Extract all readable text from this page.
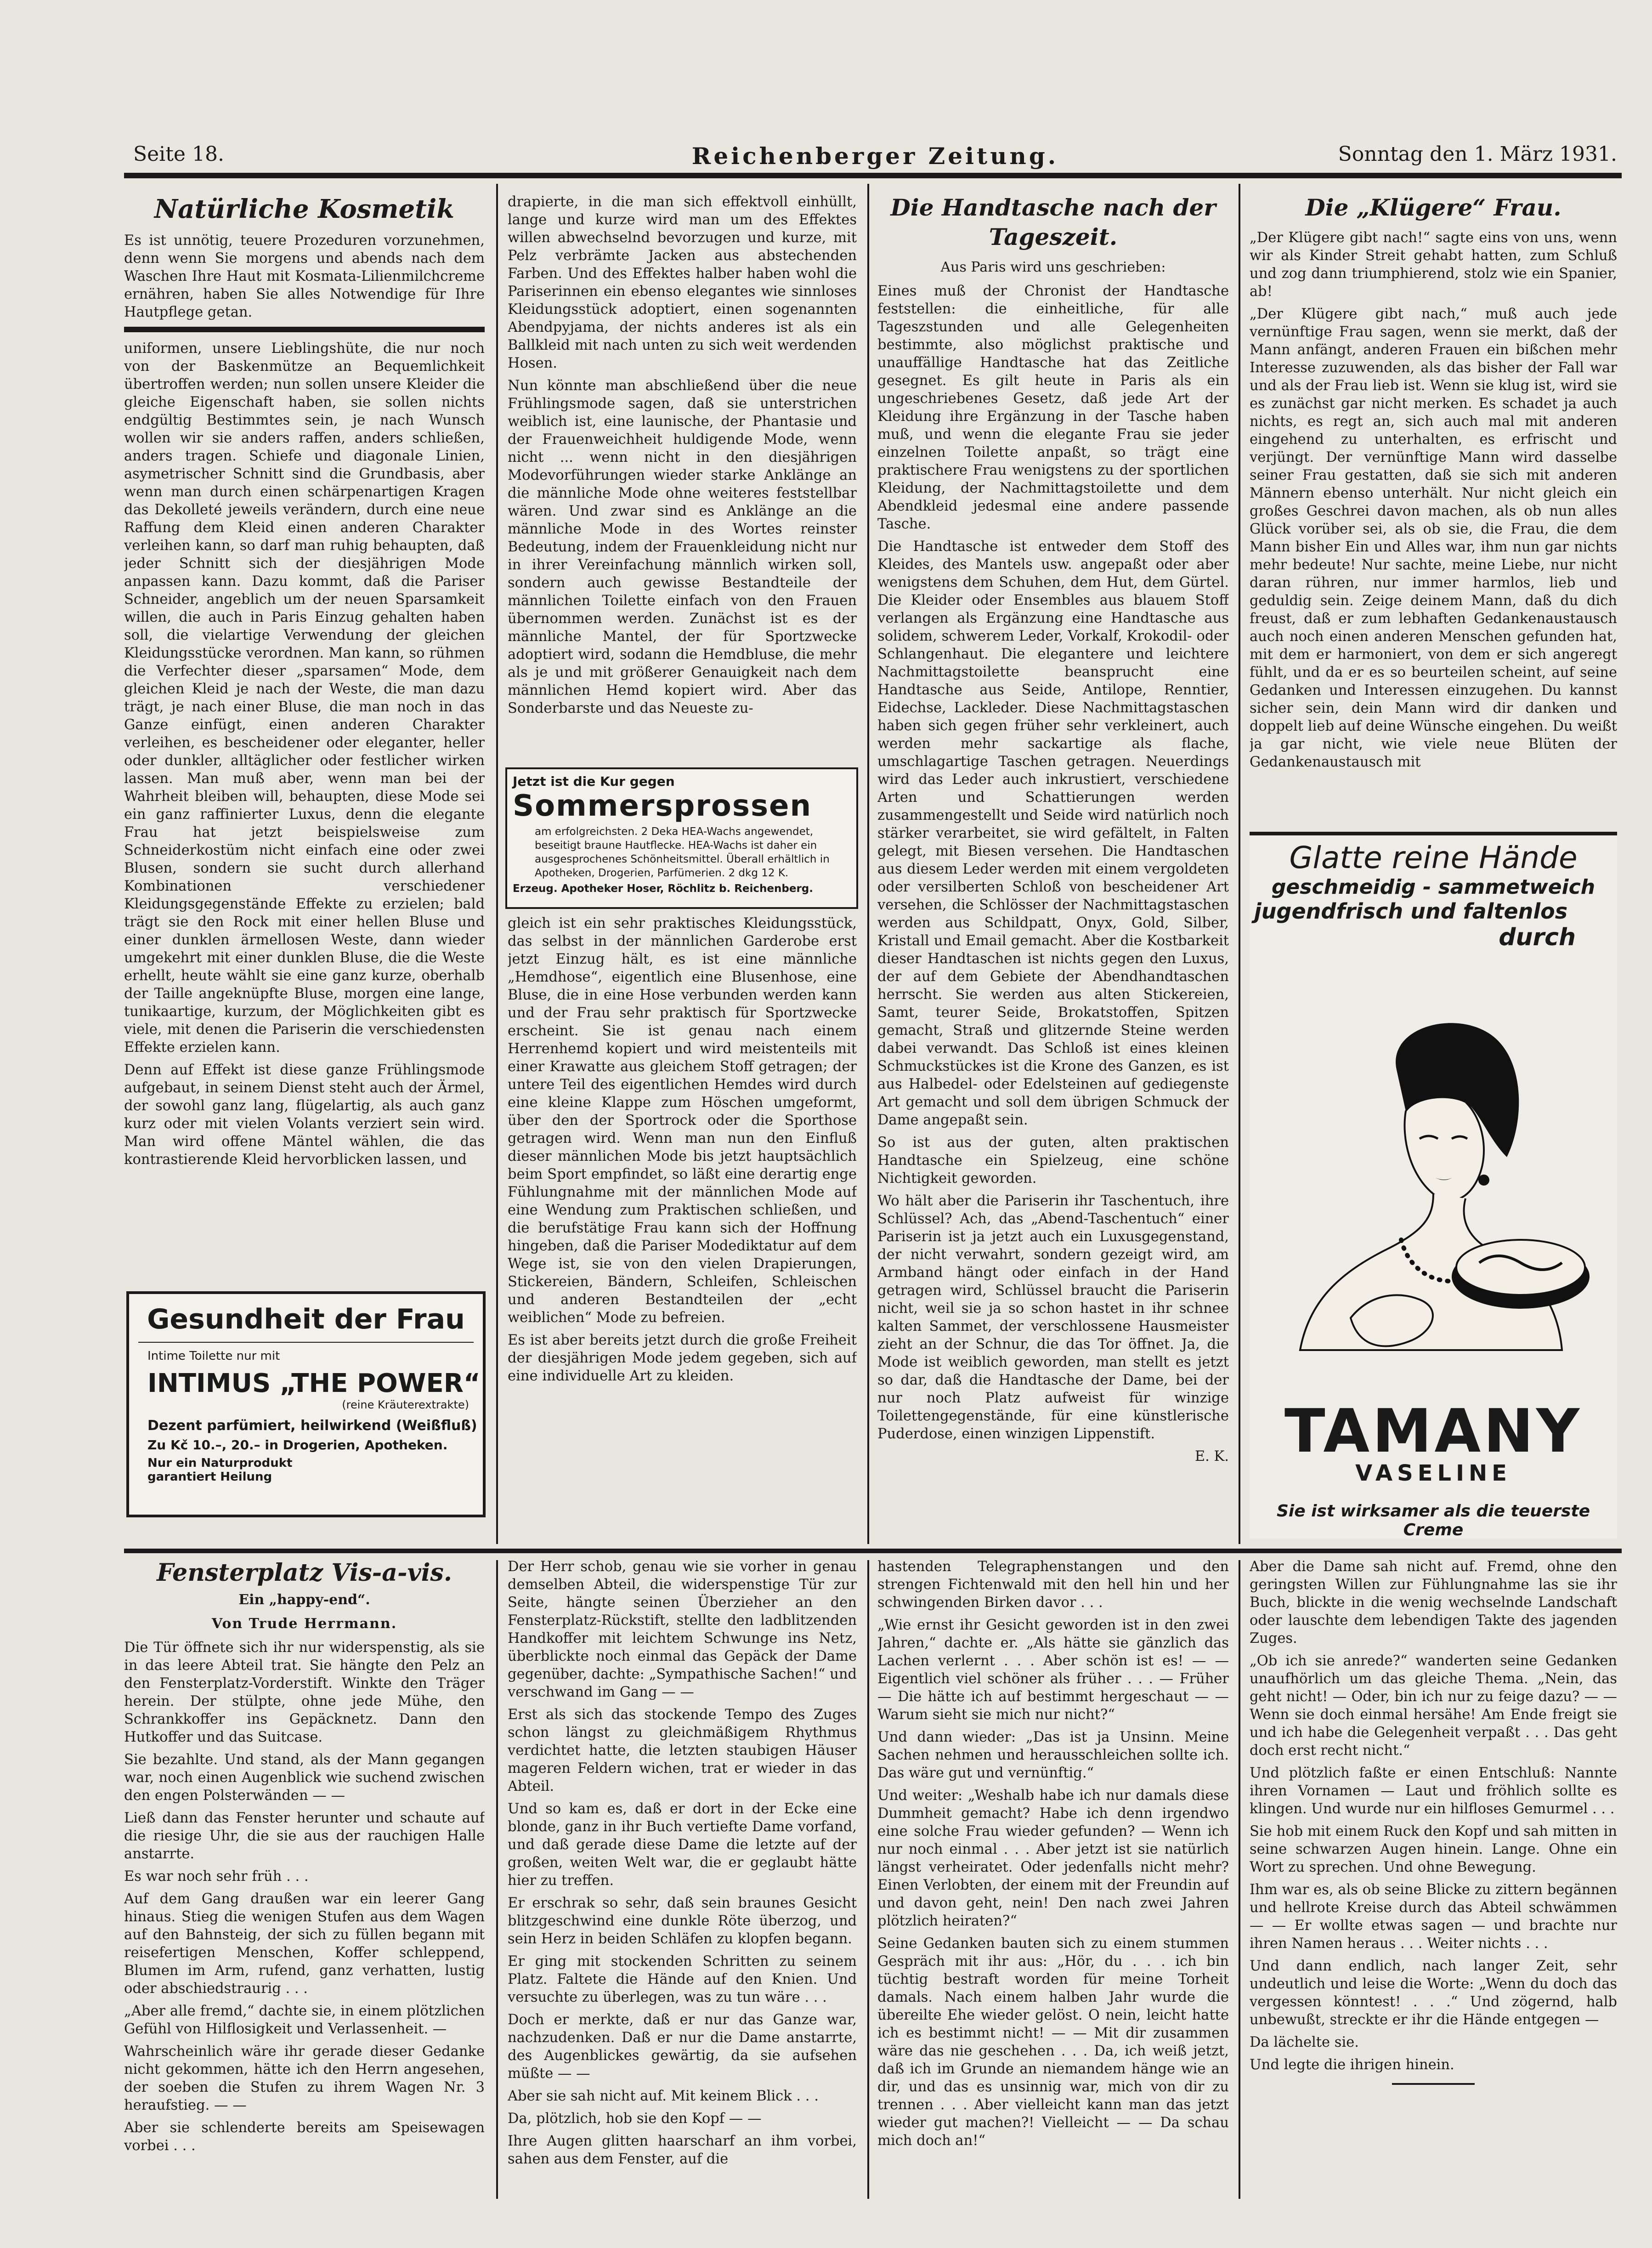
Seite 18.	Reichenberger Zeitung.	Sonntag den 1. März 1931.
Natürliche Kosmetik

Es ist unnötig, teuere Prozeduren vorzunehmen, denn wenn Sie morgens und abends nach dem Waschen Ihre Haut mit Kosmata-Lilienmilchcreme ernähren, haben Sie alles Notwendige für Ihre Hautpflege getan.

uniformen, unsere Lieblingshüte, die nur noch von der Baskenmütze an Bequemlichkeit übertroffen werden; nun sollen unsere Kleider die gleiche Eigenschaft haben, sie sollen nichts endgültig Bestimmtes sein, je nach Wunsch wollen wir sie anders raffen, anders schließen, anders tragen. Schiefe und diagonale Linien, asymetrischer Schnitt sind die Grundbasis, aber wenn man durch einen schärpenartigen Kragen das Dekolleté jeweils verändern, durch eine neue Raffung dem Kleid einen anderen Charakter verleihen kann, so darf man ruhig behaupten, daß jeder Schnitt sich der diesjährigen Mode anpassen kann. Dazu kommt, daß die Pariser Schneider, angeblich um der neuen Sparsamkeit willen, die auch in Paris Einzug gehalten haben soll, die vielartige Verwendung der gleichen Kleidungsstücke verordnen. Man kann, so rühmen die Verfechter dieser „sparsamen“ Mode, dem gleichen Kleid je nach der Weste, die man dazu trägt, je nach einer Bluse, die man noch in das Ganze einfügt, einen anderen Charakter verleihen, es bescheidener oder eleganter, heller oder dunkler, alltäglicher oder festlicher wirken lassen. Man muß aber, wenn man bei der Wahrheit bleiben will, behaupten, diese Mode sei ein ganz raffinierter Luxus, denn die elegante Frau hat jetzt beispielsweise zum Schneiderkostüm nicht einfach eine oder zwei Blusen, sondern sie sucht durch allerhand Kombinationen verschiedener Kleidungsgegenstände Effekte zu erzielen; bald trägt sie den Rock mit einer hellen Bluse und einer dunklen ärmellosen Weste, dann wieder umgekehrt mit einer dunklen Bluse, die die Weste erhellt, heute wählt sie eine ganz kurze, oberhalb der Taille angeknüpfte Bluse, morgen eine lange, tunikaartige, kurzum, der Möglichkeiten gibt es viele, mit denen die Pariserin die verschiedensten Effekte erzielen kann.

Denn auf Effekt ist diese ganze Frühlingsmode aufgebaut, in seinem Dienst steht auch der Ärmel, der sowohl ganz lang, flügelartig, als auch ganz kurz oder mit vielen Volants verziert sein wird. Man wird offene Mäntel wählen, die das kontrastierende Kleid hervorblicken lassen, und

Gesundheit der Frau

Intime Toilette nur mit

INTIMUS „THE POWER“

(reine Kräuterextrakte)

Dezent parfümiert, heilwirkend (Weißfluß)

Zu Kč 10.–, 20.– in Drogerien, Apotheken.

Nur ein Naturprodukt garantiert Heilung

drapierte, in die man sich effektvoll einhüllt, lange und kurze wird man um des Effektes willen abwechselnd bevorzugen und kurze, mit Pelz verbrämte Jacken aus abstechenden Farben. Und des Effektes halber haben wohl die Pariserinnen ein ebenso elegantes wie sinnloses Kleidungsstück adoptiert, einen sogenannten Abendpyjama, der nichts anderes ist als ein Ballkleid mit nach unten zu sich weit werdenden Hosen.

Nun könnte man abschließend über die neue Frühlingsmode sagen, daß sie unterstrichen weiblich ist, eine launische, der Phantasie und der Frauenweichheit huldigende Mode, wenn nicht ... wenn nicht in den diesjährigen Modevorführungen wieder starke Anklänge an die männliche Mode ohne weiteres feststellbar wären. Und zwar sind es Anklänge an die männliche Mode in des Wortes reinster Bedeutung, indem der Frauenkleidung nicht nur in ihrer Vereinfachung männlich wirken soll, sondern auch gewisse Bestandteile der männlichen Toilette einfach von den Frauen übernommen werden. Zunächst ist es der männliche Mantel, der für Sportzwecke adoptiert wird, sodann die Hemdbluse, die mehr als je und mit größerer Genauigkeit nach dem männlichen Hemd kopiert wird. Aber das Sonderbarste und das Neueste zu-

Jetzt ist die Kur gegen

Sommersprossen

am erfolgreichsten. 2 Deka HEA-Wachs angewendet, beseitigt braune Hautflecke. HEA-Wachs ist daher ein ausgesprochenes Schönheitsmittel. Überall erhältlich in Apotheken, Drogerien, Parfümerien. 2 dkg 12 K.

Erzeug. Apotheker Hoser, Röchlitz b. Reichenberg.

gleich ist ein sehr praktisches Kleidungsstück, das selbst in der männlichen Garderobe erst jetzt Einzug hält, es ist eine männliche „Hemdhose“, eigentlich eine Blusenhose, eine Bluse, die in eine Hose verbunden werden kann und der Frau sehr praktisch für Sportzwecke erscheint. Sie ist genau nach einem Herrenhemd kopiert und wird meistenteils mit einer Krawatte aus gleichem Stoff getragen; der untere Teil des eigentlichen Hemdes wird durch eine kleine Klappe zum Höschen umgeformt, über den der Sportrock oder die Sporthose getragen wird. Wenn man nun den Einfluß dieser männlichen Mode bis jetzt hauptsächlich beim Sport empfindet, so läßt eine derartig enge Fühlungnahme mit der männlichen Mode auf eine Wendung zum Praktischen schließen, und die berufstätige Frau kann sich der Hoffnung hingeben, daß die Pariser Modediktatur auf dem Wege ist, sie von den vielen Drapierungen, Stickereien, Bändern, Schleifen, Schleischen und anderen Bestandteilen der „echt weiblichen“ Mode zu befreien.

Es ist aber bereits jetzt durch die große Freiheit der diesjährigen Mode jedem gegeben, sich auf eine individuelle Art zu kleiden.

Die Handtasche nach der Tageszeit.
Aus Paris wird uns geschrieben:

Eines muß der Chronist der Handtasche feststellen: die einheitliche, für alle Tageszstunden und alle Gelegenheiten bestimmte, also möglichst praktische und unauffällige Handtasche hat das Zeitliche gesegnet. Es gilt heute in Paris als ein ungeschriebenes Gesetz, daß jede Art der Kleidung ihre Ergänzung in der Tasche haben muß, und wenn die elegante Frau sie jeder einzelnen Toilette anpaßt, so trägt eine praktischere Frau wenigstens zu der sportlichen Kleidung, der Nachmittagstoilette und dem Abendkleid jedesmal eine andere passende Tasche.

Die Handtasche ist entweder dem Stoff des Kleides, des Mantels usw. angepaßt oder aber wenigstens dem Schuhen, dem Hut, dem Gürtel. Die Kleider oder Ensembles aus blauem Stoff verlangen als Ergänzung eine Handtasche aus solidem, schwerem Leder, Vorkalf, Krokodil- oder Schlangenhaut. Die elegantere und leichtere Nachmittagstoilette beansprucht eine Handtasche aus Seide, Antilope, Renntier, Eidechse, Lackleder. Diese Nachmittagstaschen haben sich gegen früher sehr verkleinert, auch werden mehr sackartige als flache, umschlagartige Taschen getragen. Neuerdings wird das Leder auch inkrustiert, verschiedene Arten und Schattierungen werden zusammengestellt und Seide wird natürlich noch stärker verarbeitet, sie wird gefältelt, in Falten gelegt, mit Biesen versehen. Die Handtaschen aus diesem Leder werden mit einem vergoldeten oder versilberten Schloß von bescheidener Art versehen, die Schlösser der Nachmittagstaschen werden aus Schildpatt, Onyx, Gold, Silber, Kristall und Email gemacht. Aber die Kostbarkeit dieser Handtaschen ist nichts gegen den Luxus, der auf dem Gebiete der Abendhandtaschen herrscht. Sie werden aus alten Stickereien, Samt, teurer Seide, Brokatstoffen, Spitzen gemacht, Straß und glitzernde Steine werden dabei verwandt. Das Schloß ist eines kleinen Schmuckstückes ist die Krone des Ganzen, es ist aus Halbedel- oder Edelsteinen auf gediegenste Art gemacht und soll dem übrigen Schmuck der Dame angepaßt sein.

So ist aus der guten, alten praktischen Handtasche ein Spielzeug, eine schöne Nichtigkeit geworden.

Wo hält aber die Pariserin ihr Taschentuch, ihre Schlüssel? Ach, das „Abend-Taschentuch“ einer Pariserin ist ja jetzt auch ein Luxusgegenstand, der nicht verwahrt, sondern gezeigt wird, am Armband hängt oder einfach in der Hand getragen wird, Schlüssel braucht die Pariserin nicht, weil sie ja so schon hastet in ihr schnee kalten Sammet, der verschlossene Hausmeister zieht an der Schnur, die das Tor öffnet. Ja, die Mode ist weiblich geworden, man stellt es jetzt so dar, daß die Handtasche der Dame, bei der nur noch Platz aufweist für winzige Toilettengegenstände, für eine künstlerische Puderdose, einen winzigen Lippenstift.

E. K.

Die „Klügere“ Frau.

„Der Klügere gibt nach!“ sagte eins von uns, wenn wir als Kinder Streit gehabt hatten, zum Schluß und zog dann triumphierend, stolz wie ein Spanier, ab!

„Der Klügere gibt nach,“ muß auch jede vernünftige Frau sagen, wenn sie merkt, daß der Mann anfängt, anderen Frauen ein bißchen mehr Interesse zuzuwenden, als das bisher der Fall war und als der Frau lieb ist. Wenn sie klug ist, wird sie es zunächst gar nicht merken. Es schadet ja auch nichts, es regt an, sich auch mal mit anderen eingehend zu unterhalten, es erfrischt und verjüngt. Der vernünftige Mann wird dasselbe seiner Frau gestatten, daß sie sich mit anderen Männern ebenso unterhält. Nur nicht gleich ein großes Geschrei davon machen, als ob nun alles Glück vorüber sei, als ob sie, die Frau, die dem Mann bisher Ein und Alles war, ihm nun gar nichts mehr bedeute! Nur sachte, meine Liebe, nur nicht daran rühren, nur immer harmlos, lieb und geduldig sein. Zeige deinem Mann, daß du dich freust, daß er zum lebhaften Gedankenaustausch auch noch einen anderen Menschen gefunden hat, mit dem er harmoniert, von dem er sich angeregt fühlt, und da er es so beurteilen scheint, auf seine Gedanken und Interessen einzugehen. Du kannst sicher sein, dein Mann wird dir danken und doppelt lieb auf deine Wünsche eingehen. Du weißt ja gar nicht, wie viele neue Blüten der Gedankenaustausch mit

Glatte reine Hände
geschmeidig - sammetweich
jugendfrisch und faltenlos
durch
TAMANY
VASELINE
Sie ist wirksamer als die teuerste Creme
Fensterplatz Vis-a-vis.
Ein „happy-end“.
Von Trude Herrmann.

Die Tür öffnete sich ihr nur widerspenstig, als sie in das leere Abteil trat. Sie hängte den Pelz an den Fensterplatz-Vorderstift. Winkte den Träger herein. Der stülpte, ohne jede Mühe, den Schrankkoffer ins Gepäcknetz. Dann den Hutkoffer und das Suitcase.

Sie bezahlte. Und stand, als der Mann gegangen war, noch einen Augenblick wie suchend zwischen den engen Polsterwänden — —

Ließ dann das Fenster herunter und schaute auf die riesige Uhr, die sie aus der rauchigen Halle anstarrte.

Es war noch sehr früh . . .

Auf dem Gang draußen war ein leerer Gang hinaus. Stieg die wenigen Stufen aus dem Wagen auf den Bahnsteig, der sich zu füllen begann mit reisefertigen Menschen, Koffer schleppend, Blumen im Arm, rufend, ganz verhatten, lustig oder abschiedstraurig . . .

„Aber alle fremd,“ dachte sie, in einem plötzlichen Gefühl von Hilflosigkeit und Verlassenheit. —

Wahrscheinlich wäre ihr gerade dieser Gedanke nicht gekommen, hätte ich den Herrn angesehen, der soeben die Stufen zu ihrem Wagen Nr. 3 heraufstieg. — —

Aber sie schlenderte bereits am Speisewagen vorbei . . .

Der Herr schob, genau wie sie vorher in genau demselben Abteil, die widerspenstige Tür zur Seite, hängte seinen Überzieher an den Fensterplatz-Rückstift, stellte den ladblitzenden Handkoffer mit leichtem Schwunge ins Netz, überblickte noch einmal das Gepäck der Dame gegenüber, dachte: „Sympathische Sachen!“ und verschwand im Gang — —

Erst als sich das stockende Tempo des Zuges schon längst zu gleichmäßigem Rhythmus verdichtet hatte, die letzten staubigen Häuser mageren Feldern wichen, trat er wieder in das Abteil.

Und so kam es, daß er dort in der Ecke eine blonde, ganz in ihr Buch vertiefte Dame vorfand, und daß gerade diese Dame die letzte auf der großen, weiten Welt war, die er geglaubt hätte hier zu treffen.

Er erschrak so sehr, daß sein braunes Gesicht blitzgeschwind eine dunkle Röte überzog, und sein Herz in beiden Schläfen zu klopfen begann.

Er ging mit stockenden Schritten zu seinem Platz. Faltete die Hände auf den Knien. Und versuchte zu überlegen, was zu tun wäre . . .

Doch er merkte, daß er nur das Ganze war, nachzudenken. Daß er nur die Dame anstarrte, des Augenblickes gewärtig, da sie aufsehen müßte — —

Aber sie sah nicht auf. Mit keinem Blick . . .

Da, plötzlich, hob sie den Kopf — —

Ihre Augen glitten haarscharf an ihm vorbei, sahen aus dem Fenster, auf die

hastenden Telegraphenstangen und den strengen Fichtenwald mit den hell hin und her schwingenden Birken davor . . .

„Wie ernst ihr Gesicht geworden ist in den zwei Jahren,“ dachte er. „Als hätte sie gänzlich das Lachen verlernt . . . Aber schön ist es! — — Eigentlich viel schöner als früher . . . — Früher — Die hätte ich auf bestimmt hergeschaut — — Warum sieht sie mich nur nicht?“

Und dann wieder: „Das ist ja Unsinn. Meine Sachen nehmen und herausschleichen sollte ich. Das wäre gut und vernünftig.“

Und weiter: „Weshalb habe ich nur damals diese Dummheit gemacht? Habe ich denn irgendwo eine solche Frau wieder gefunden? — Wenn ich nur noch einmal . . . Aber jetzt ist sie natürlich längst verheiratet. Oder jedenfalls nicht mehr? Einen Verlobten, der einem mit der Freundin auf und davon geht, nein! Den nach zwei Jahren plötzlich heiraten?“

Seine Gedanken bauten sich zu einem stummen Gespräch mit ihr aus: „Hör, du . . . ich bin tüchtig bestraft worden für meine Torheit damals. Nach einem halben Jahr wurde die übereilte Ehe wieder gelöst. O nein, leicht hatte ich es bestimmt nicht! — — Mit dir zusammen wäre das nie geschehen . . . Da, ich weiß jetzt, daß ich im Grunde an niemandem hänge wie an dir, und das es unsinnig war, mich von dir zu trennen . . . Aber vielleicht kann man das jetzt wieder gut machen?! Vielleicht — — Da schau mich doch an!“

Aber die Dame sah nicht auf. Fremd, ohne den geringsten Willen zur Fühlungnahme las sie ihr Buch, blickte in die wenig wechselnde Landschaft oder lauschte dem lebendigen Takte des jagenden Zuges.

„Ob ich sie anrede?“ wanderten seine Gedanken unaufhörlich um das gleiche Thema. „Nein, das geht nicht! — Oder, bin ich nur zu feige dazu? — — Wenn sie doch einmal hersähe! Am Ende freigt sie und ich habe die Gelegenheit verpaßt . . . Das geht doch erst recht nicht.“

Und plötzlich faßte er einen Entschluß: Nannte ihren Vornamen — Laut und fröhlich sollte es klingen. Und wurde nur ein hilfloses Gemurmel . . .

Sie hob mit einem Ruck den Kopf und sah mitten in seine schwarzen Augen hinein. Lange. Ohne ein Wort zu sprechen. Und ohne Bewegung.

Ihm war es, als ob seine Blicke zu zittern begännen und hellrote Kreise durch das Abteil schwämmen — — Er wollte etwas sagen — und brachte nur ihren Namen heraus . . . Weiter nichts . . .

Und dann endlich, nach langer Zeit, sehr undeutlich und leise die Worte: „Wenn du doch das vergessen könntest! . . .“ Und zögernd, halb unbewußt, streckte er ihr die Hände entgegen —

Da lächelte sie.

Und legte die ihrigen hinein.
